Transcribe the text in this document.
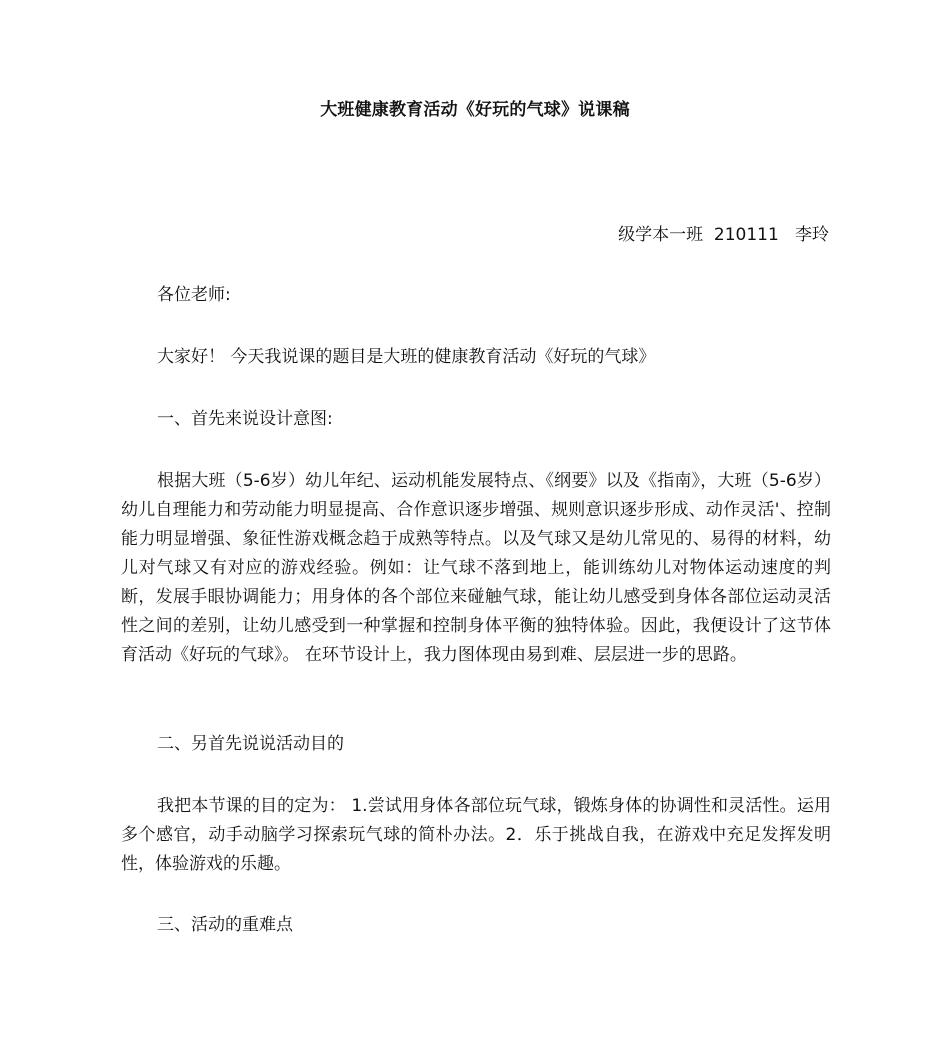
大班健康教育活动《好玩的气球》说课稿
级学本一班  210111   李玲

各位老师:

大家好！ 今天我说课的题目是大班的健康教育活动《好玩的气球》

一、首先来说设计意图:

根据大班（5-6岁）幼儿年纪、运动机能发展特点、《纲要》以及《指南》，大班（5-6岁）幼儿自理能力和劳动能力明显提高、合作意识逐步增强、规则意识逐步形成、动作灵活'、控制能力明显增强、象征性游戏概念趋于成熟等特点。以及气球又是幼儿常见的、易得的材料，幼儿对气球又有对应的游戏经验。例如：让气球不落到地上，能训练幼儿对物体运动速度的判断，发展手眼协调能力；用身体的各个部位来碰触气球，能让幼儿感受到身体各部位运动灵活性之间的差别，让幼儿感受到一种掌握和控制身体平衡的独特体验。因此，我便设计了这节体育活动《好玩的气球》。 在环节设计上，我力图体现由易到难、层层进一步的思路。

二、另首先说说活动目的

我把本节课的目的定为： 1.尝试用身体各部位玩气球，锻炼身体的协调性和灵活性。运用多个感官，动手动脑学习探索玩气球的简朴办法。2．乐于挑战自我，在游戏中充足发挥发明性，体验游戏的乐趣。

三、活动的重难点
